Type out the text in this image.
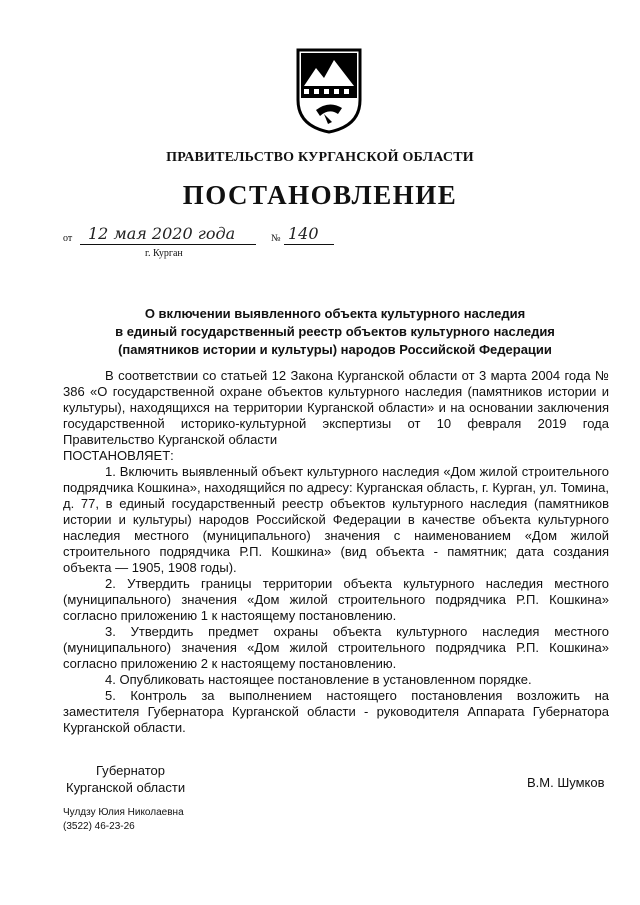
ПРАВИТЕЛЬСТВО КУРГАНСКОЙ ОБЛАСТИ
ПОСТАНОВЛЕНИЕ
от 12 мая 2020 года	№ 140
г. Курган
О включении выявленного объекта культурного наследия
в единый государственный реестр объектов культурного наследия
(памятников истории и культуры) народов Российской Федерации

В соответствии со статьей 12 Закона Курганской области от 3 марта 2004 года № 386 «О государственной охране объектов культурного наследия (памятников истории и культуры), находящихся на территории Курганской области» и на основании заключения государственной историко-культурной экспертизы от 10 февраля 2019 года Правительство Курганской области

ПОСТАНОВЛЯЕТ:

1. Включить выявленный объект культурного наследия «Дом жилой строительного подрядчика Кошкина», находящийся по адресу: Курганская область, г. Курган, ул. Томина, д. 77, в единый государственный реестр объектов культурного наследия (памятников истории и культуры) народов Российской Федерации в качестве объекта культурного наследия местного (муниципального) значения с наименованием «Дом жилой строительного подрядчика Р.П. Кошкина» (вид объекта - памятник; дата создания объекта — 1905, 1908 годы).

2. Утвердить границы территории объекта культурного наследия местного (муниципального) значения «Дом жилой строительного подрядчика Р.П. Кошкина» согласно приложению 1 к настоящему постановлению.

3. Утвердить предмет охраны объекта культурного наследия местного (муниципального) значения «Дом жилой строительного подрядчика Р.П. Кошкина» согласно приложению 2 к настоящему постановлению.

4. Опубликовать настоящее постановление в установленном порядке.

5. Контроль за выполнением настоящего постановления возложить на заместителя Губернатора Курганской области - руководителя Аппарата Губернатора Курганской области.

Губернатор
Курганской области	В.М. Шумков
Чулдзу Юлия Николаевна
(3522) 46-23-26
